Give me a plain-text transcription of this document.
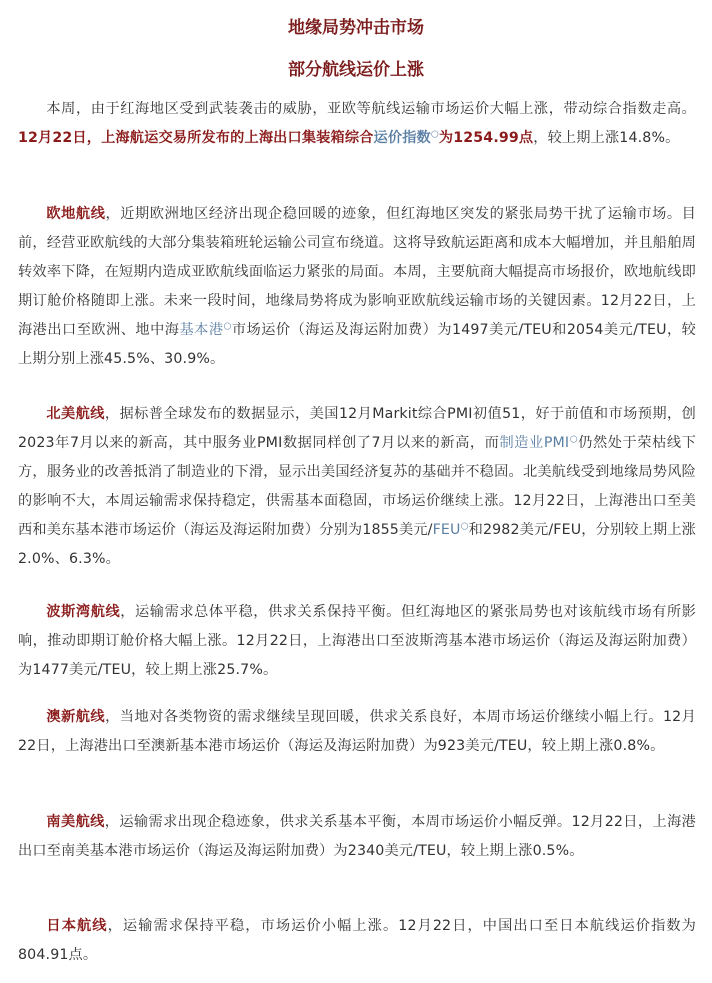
地缘局势冲击市场
部分航线运价上涨

本周，由于红海地区受到武装袭击的威胁，亚欧等航线运输市场运价大幅上涨，带动综合指数走高。12月22日，上海航运交易所发布的上海出口集装箱综合运价指数○为1254.99点，较上期上涨14.8%。

欧地航线，近期欧洲地区经济出现企稳回暖的迹象，但红海地区突发的紧张局势干扰了运输市场。目前，经营亚欧航线的大部分集装箱班轮运输公司宣布绕道。这将导致航运距离和成本大幅增加，并且船舶周转效率下降，在短期内造成亚欧航线面临运力紧张的局面。本周，主要航商大幅提高市场报价，欧地航线即期订舱价格随即上涨。未来一段时间，地缘局势将成为影响亚欧航线运输市场的关键因素。12月22日，上海港出口至欧洲、地中海基本港○市场运价（海运及海运附加费）为1497美元/TEU和2054美元/TEU，较上期分别上涨45.5%、30.9%。

北美航线，据标普全球发布的数据显示，美国12月Markit综合PMI初值51，好于前值和市场预期，创2023年7月以来的新高，其中服务业PMI数据同样创了7月以来的新高，而制造业PMI○仍然处于荣枯线下方，服务业的改善抵消了制造业的下滑，显示出美国经济复苏的基础并不稳固。北美航线受到地缘局势风险的影响不大，本周运输需求保持稳定，供需基本面稳固，市场运价继续上涨。12月22日，上海港出口至美西和美东基本港市场运价（海运及海运附加费）分别为1855美元/FEU○和2982美元/FEU，分别较上期上涨2.0%、6.3%。

波斯湾航线，运输需求总体平稳，供求关系保持平衡。但红海地区的紧张局势也对该航线市场有所影响，推动即期订舱价格大幅上涨。12月22日，上海港出口至波斯湾基本港市场运价（海运及海运附加费）为1477美元/TEU，较上期上涨25.7%。

澳新航线，当地对各类物资的需求继续呈现回暖，供求关系良好，本周市场运价继续小幅上行。12月22日，上海港出口至澳新基本港市场运价（海运及海运附加费）为923美元/TEU，较上期上涨0.8%。

南美航线，运输需求出现企稳迹象，供求关系基本平衡，本周市场运价小幅反弹。12月22日，上海港出口至南美基本港市场运价（海运及海运附加费）为2340美元/TEU，较上期上涨0.5%。

日本航线，运输需求保持平稳，市场运价小幅上涨。12月22日，中国出口至日本航线运价指数为804.91点。
